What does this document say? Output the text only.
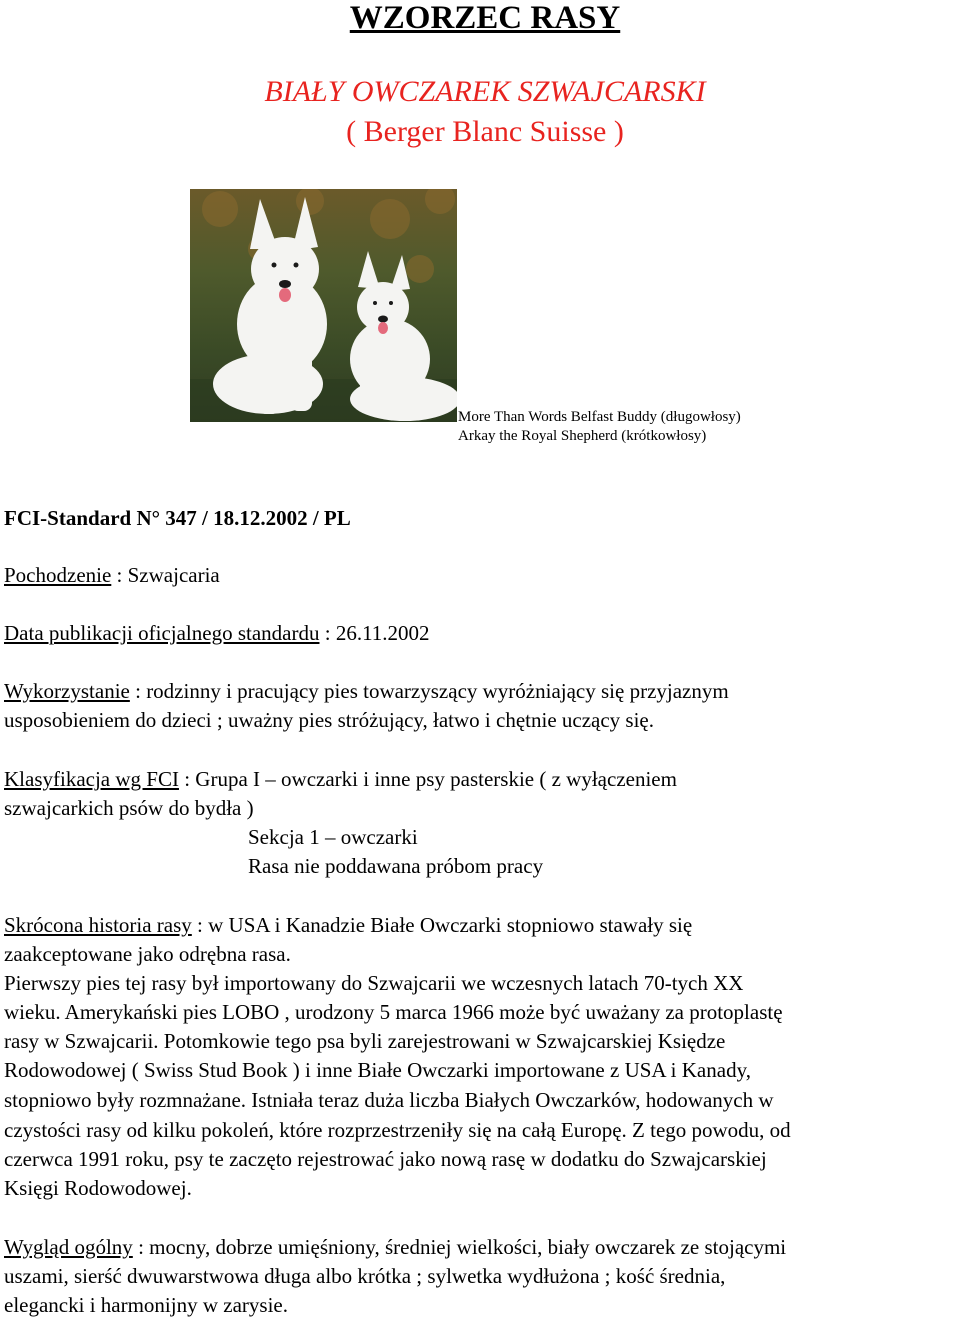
WZORZEC RASY
BIAŁY OWCZAREK SZWAJCARSKI
( Berger Blanc Suisse )
More Than Words Belfast Buddy (długowłosy)
Arkay the Royal Shepherd (krótkowłosy)
FCI-Standard N° 347 / 18.12.2002 / PL
Pochodzenie : Szwajcaria
Data publikacji oficjalnego standardu : 26.11.2002
Wykorzystanie : rodzinny i pracujący pies towarzyszący wyróżniający się przyjaznym
usposobieniem do dzieci ; uważny pies stróżujący, łatwo i chętnie uczący się.
Klasyfikacja wg FCI : Grupa I – owczarki i inne psy pasterskie ( z wyłączeniem
szwajcarkich psów do bydła )
Sekcja 1 – owczarki
Rasa nie poddawana próbom pracy
Skrócona historia rasy : w USA i Kanadzie Białe Owczarki stopniowo stawały się
zaakceptowane jako odrębna rasa.
Pierwszy pies tej rasy był importowany do Szwajcarii we wczesnych latach 70-tych XX
wieku. Amerykański pies LOBO , urodzony 5 marca 1966 może być uważany za protoplastę
rasy w Szwajcarii. Potomkowie tego psa byli zarejestrowani w Szwajcarskiej Księdze
Rodowodowej ( Swiss Stud Book ) i inne Białe Owczarki importowane z USA i Kanady,
stopniowo były rozmnażane. Istniała teraz duża liczba Białych Owczarków, hodowanych w
czystości rasy od kilku pokoleń, które rozprzestrzeniły się na całą Europę. Z tego powodu, od
czerwca 1991 roku, psy te zaczęto rejestrować jako nową rasę w dodatku do Szwajcarskiej
Księgi Rodowodowej.
Wygląd ogólny : mocny, dobrze umięśniony, średniej wielkości, biały owczarek ze stojącymi
uszami, sierść dwuwarstwowa długa albo krótka ; sylwetka wydłużona ; kość średnia,
elegancki i harmonijny w zarysie.
